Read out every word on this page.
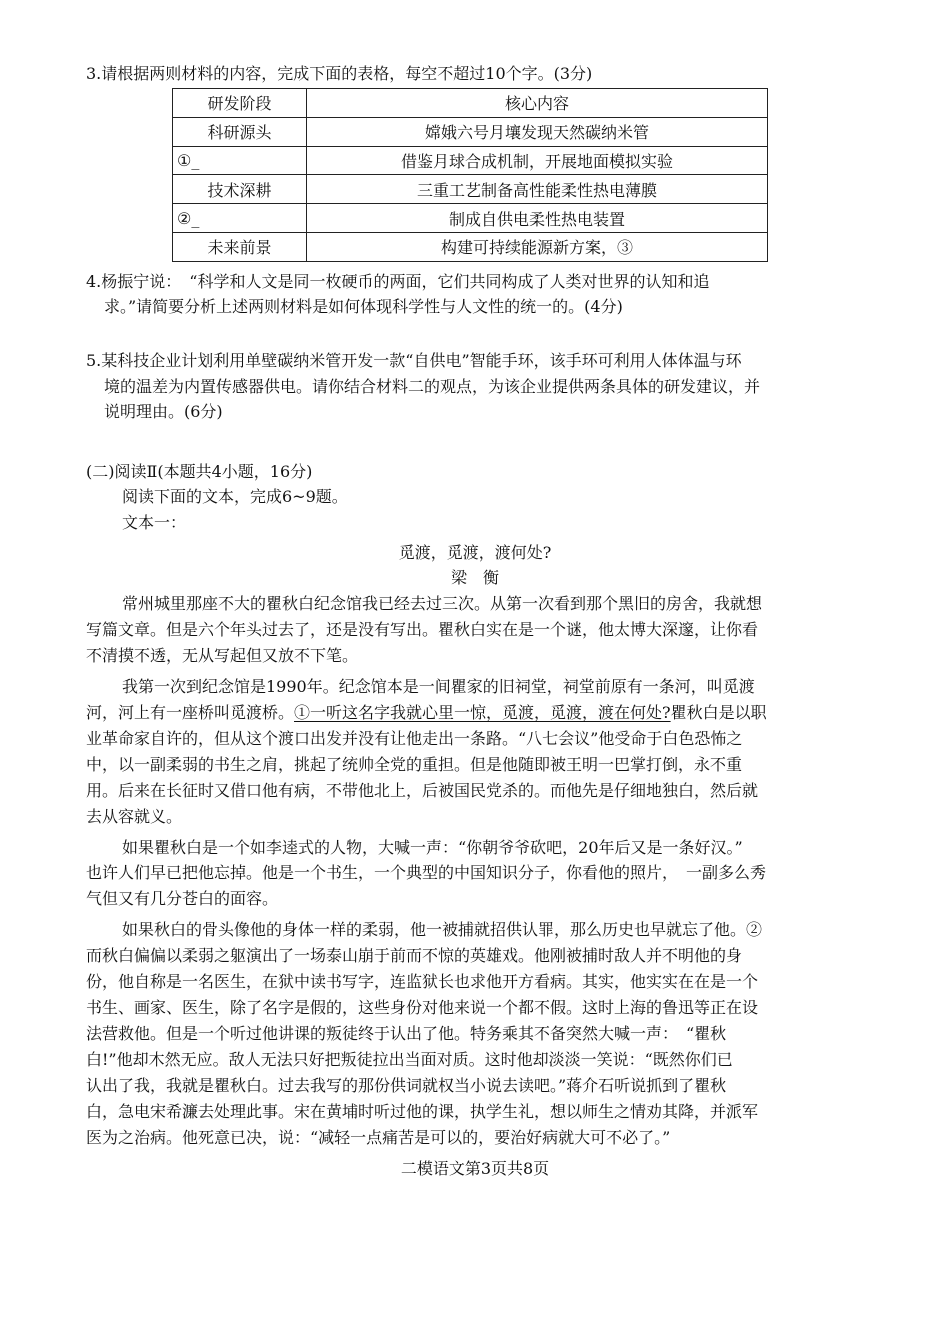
3.请根据两则材料的内容，完成下面的表格，每空不超过10个字。(3分)
研发阶段	核心内容
科研源头	嫦娥六号月壤发现天然碳纳米管
①_	借鉴月球合成机制，开展地面模拟实验
技术深耕	三重工艺制备高性能柔性热电薄膜
②_	制成自供电柔性热电装置
未来前景	构建可持续能源新方案，③
4.杨振宁说：　“科学和人文是同一枚硬币的两面，它们共同构成了人类对世界的认知和追
求。”请简要分析上述两则材料是如何体现科学性与人文性的统一的。(4分)
5.某科技企业计划利用单壁碳纳米管开发一款“自供电”智能手环，该手环可利用人体体温与环
境的温差为内置传感器供电。请你结合材料二的观点，为该企业提供两条具体的研发建议，并
说明理由。(6分)
(二)阅读Ⅱ(本题共4小题，16分)
阅读下面的文本，完成6~9题。
文本一：
觅渡，觅渡，渡何处?
梁　衡
常州城里那座不大的瞿秋白纪念馆我已经去过三次。从第一次看到那个黑旧的房舍，我就想
写篇文章。但是六个年头过去了，还是没有写出。瞿秋白实在是一个谜，他太博大深邃，让你看
不清摸不透，无从写起但又放不下笔。
我第一次到纪念馆是1990年。纪念馆本是一间瞿家的旧祠堂，祠堂前原有一条河，叫觅渡
河，河上有一座桥叫觅渡桥。①一听这名字我就心里一惊，觅渡，觅渡，渡在何处?瞿秋白是以职
业革命家自许的，但从这个渡口出发并没有让他走出一条路。“八七会议”他受命于白色恐怖之
中，以一副柔弱的书生之肩，挑起了统帅全党的重担。但是他随即被王明一巴掌打倒，永不重
用。后来在长征时又借口他有病，不带他北上，后被国民党杀的。而他先是仔细地独白，然后就
去从容就义。
如果瞿秋白是一个如李逵式的人物，大喊一声：“你朝爷爷砍吧，20年后又是一条好汉。”
也许人们早已把他忘掉。他是一个书生，一个典型的中国知识分子，你看他的照片，　一副多么秀
气但又有几分苍白的面容。
如果秋白的骨头像他的身体一样的柔弱，他一被捕就招供认罪，那么历史也早就忘了他。②
而秋白偏偏以柔弱之躯演出了一场泰山崩于前而不惊的英雄戏。他刚被捕时敌人并不明他的身
份，他自称是一名医生，在狱中读书写字，连监狱长也求他开方看病。其实，他实实在在是一个
书生、画家、医生，除了名字是假的，这些身份对他来说一个都不假。这时上海的鲁迅等正在设
法营救他。但是一个听过他讲课的叛徒终于认出了他。特务乘其不备突然大喊一声：　“瞿秋
白!”他却木然无应。敌人无法只好把叛徒拉出当面对质。这时他却淡淡一笑说：“既然你们已
认出了我，我就是瞿秋白。过去我写的那份供词就权当小说去读吧。”蒋介石听说抓到了瞿秋
白，急电宋希濂去处理此事。宋在黄埔时听过他的课，执学生礼，想以师生之情劝其降，并派军
医为之治病。他死意已决，说：“减轻一点痛苦是可以的，要治好病就大可不必了。”
二模语文第3页共8页
